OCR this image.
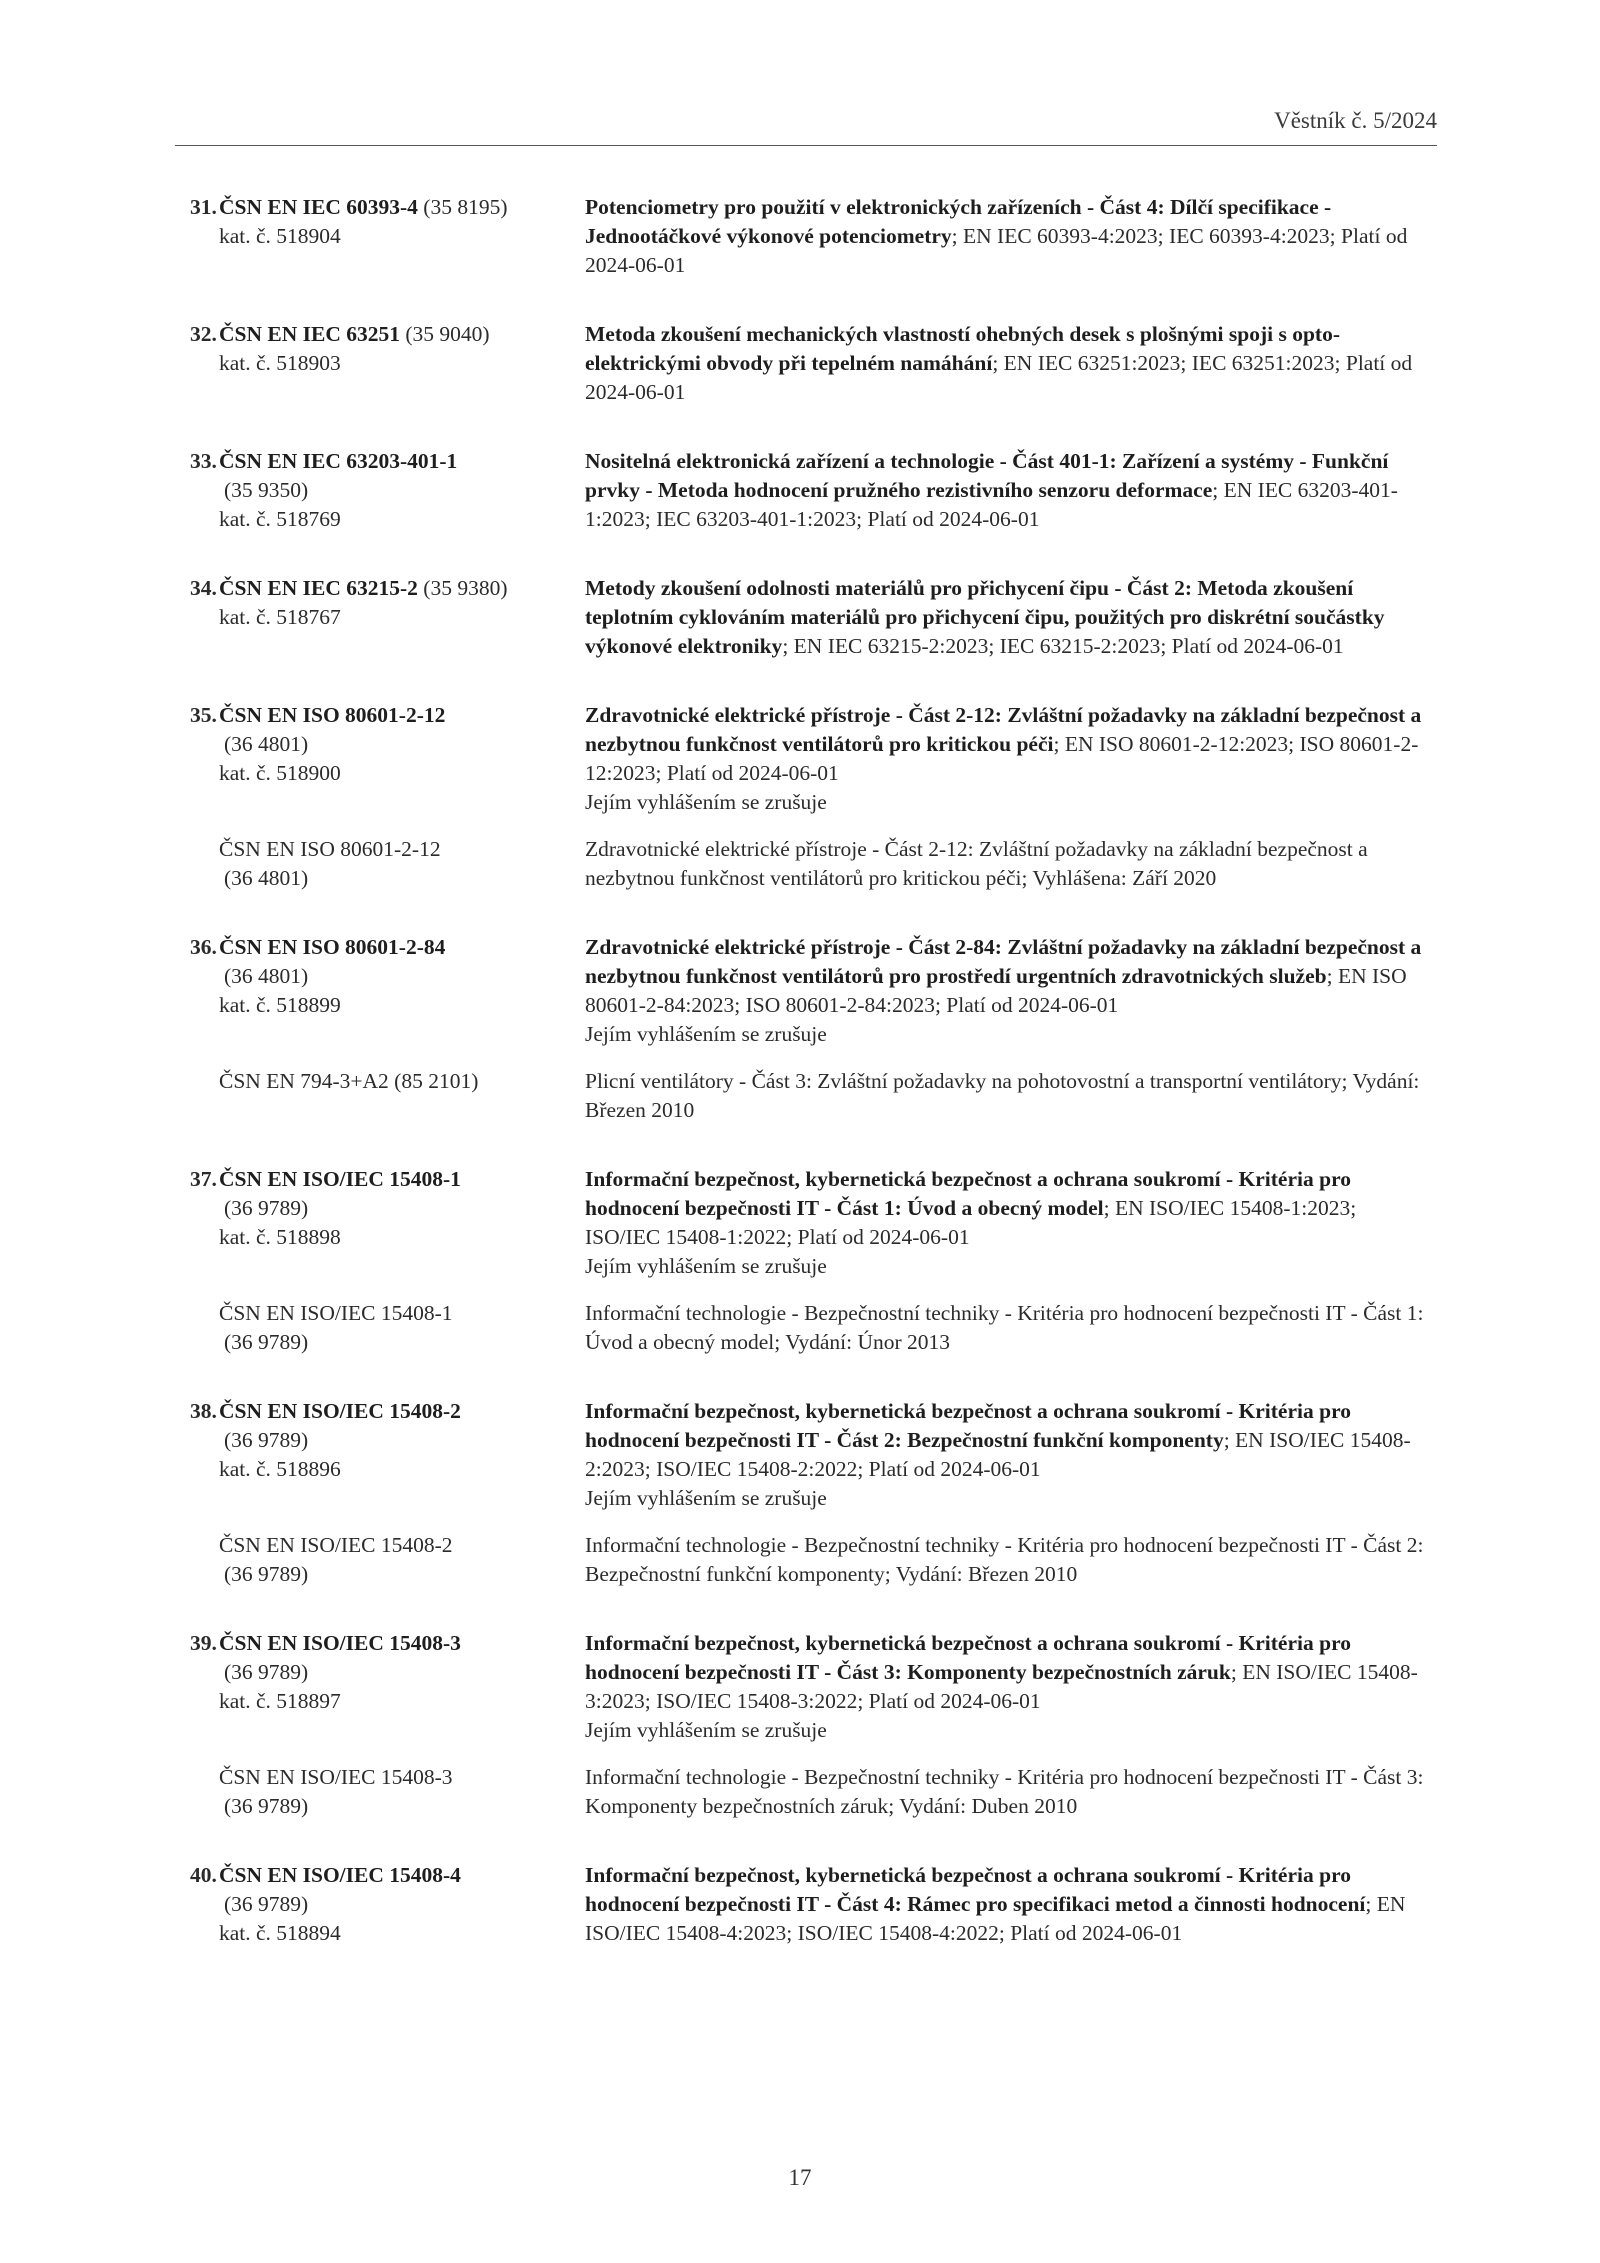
Věstník č. 5/2024
31.ČSN EN IEC 60393-4 (35 8195)
kat. č. 518904
Potenciometry pro použití v elektronických zařízeních - Část 4: Dílčí specifikace - Jednootáčkové výkonové potenciometry; EN IEC 60393-4:2023; IEC 60393-4:2023; Platí od 2024-06-01
32.ČSN EN IEC 63251 (35 9040)
kat. č. 518903
Metoda zkoušení mechanických vlastností ohebných desek s plošnými spoji s opto-elektrickými obvody při tepelném namáhání; EN IEC 63251:2023; IEC 63251:2023; Platí od 2024-06-01
33.ČSN EN IEC 63203-401-1
(35 9350)
kat. č. 518769
Nositelná elektronická zařízení a technologie - Část 401-1: Zařízení a systémy - Funkční prvky - Metoda hodnocení pružného rezistivního senzoru deformace; EN IEC 63203-401-1:2023; IEC 63203-401-1:2023; Platí od 2024-06-01
34.ČSN EN IEC 63215-2 (35 9380)
kat. č. 518767
Metody zkoušení odolnosti materiálů pro přichycení čipu - Část 2: Metoda zkoušení teplotním cyklováním materiálů pro přichycení čipu, použitých pro diskrétní součástky výkonové elektroniky; EN IEC 63215-2:2023; IEC 63215-2:2023; Platí od 2024-06-01
35.ČSN EN ISO 80601-2-12
(36 4801)
kat. č. 518900
Zdravotnické elektrické přístroje - Část 2-12: Zvláštní požadavky na základní bezpečnost a nezbytnou funkčnost ventilátorů pro kritickou péči; EN ISO 80601-2-12:2023; ISO 80601-2-12:2023; Platí od 2024-06-01
Jejím vyhlášením se zrušuje
ČSN EN ISO 80601-2-12
(36 4801)
Zdravotnické elektrické přístroje - Část 2-12: Zvláštní požadavky na základní bezpečnost a nezbytnou funkčnost ventilátorů pro kritickou péči; Vyhlášena: Září 2020
36.ČSN EN ISO 80601-2-84
(36 4801)
kat. č. 518899
Zdravotnické elektrické přístroje - Část 2-84: Zvláštní požadavky na základní bezpečnost a nezbytnou funkčnost ventilátorů pro prostředí urgentních zdravotnických služeb; EN ISO 80601-2-84:2023; ISO 80601-2-84:2023; Platí od 2024-06-01
Jejím vyhlášením se zrušuje
ČSN EN 794-3+A2 (85 2101)	Plicní ventilátory - Část 3: Zvláštní požadavky na pohotovostní a transportní ventilátory; Vydání: Březen 2010
37.ČSN EN ISO/IEC 15408-1
(36 9789)
kat. č. 518898
Informační bezpečnost, kybernetická bezpečnost a ochrana soukromí - Kritéria pro hodnocení bezpečnosti IT - Část 1: Úvod a obecný model; EN ISO/IEC 15408-1:2023; ISO/IEC 15408-1:2022; Platí od 2024-06-01
Jejím vyhlášením se zrušuje
ČSN EN ISO/IEC 15408-1
(36 9789)
Informační technologie - Bezpečnostní techniky - Kritéria pro hodnocení bezpečnosti IT - Část 1: Úvod a obecný model; Vydání: Únor 2013
38.ČSN EN ISO/IEC 15408-2
(36 9789)
kat. č. 518896
Informační bezpečnost, kybernetická bezpečnost a ochrana soukromí - Kritéria pro hodnocení bezpečnosti IT - Část 2: Bezpečnostní funkční komponenty; EN ISO/IEC 15408-2:2023; ISO/IEC 15408-2:2022; Platí od 2024-06-01
Jejím vyhlášením se zrušuje
ČSN EN ISO/IEC 15408-2
(36 9789)
Informační technologie - Bezpečnostní techniky - Kritéria pro hodnocení bezpečnosti IT - Část 2: Bezpečnostní funkční komponenty; Vydání: Březen 2010
39.ČSN EN ISO/IEC 15408-3
(36 9789)
kat. č. 518897
Informační bezpečnost, kybernetická bezpečnost a ochrana soukromí - Kritéria pro hodnocení bezpečnosti IT - Část 3: Komponenty bezpečnostních záruk; EN ISO/IEC 15408-3:2023; ISO/IEC 15408-3:2022; Platí od 2024-06-01
Jejím vyhlášením se zrušuje
ČSN EN ISO/IEC 15408-3
(36 9789)
Informační technologie - Bezpečnostní techniky - Kritéria pro hodnocení bezpečnosti IT - Část 3: Komponenty bezpečnostních záruk; Vydání: Duben 2010
40.ČSN EN ISO/IEC 15408-4
(36 9789)
kat. č. 518894
Informační bezpečnost, kybernetická bezpečnost a ochrana soukromí - Kritéria pro hodnocení bezpečnosti IT - Část 4: Rámec pro specifikaci metod a činnosti hodnocení; EN ISO/IEC 15408-4:2023; ISO/IEC 15408-4:2022; Platí od 2024-06-01
17
